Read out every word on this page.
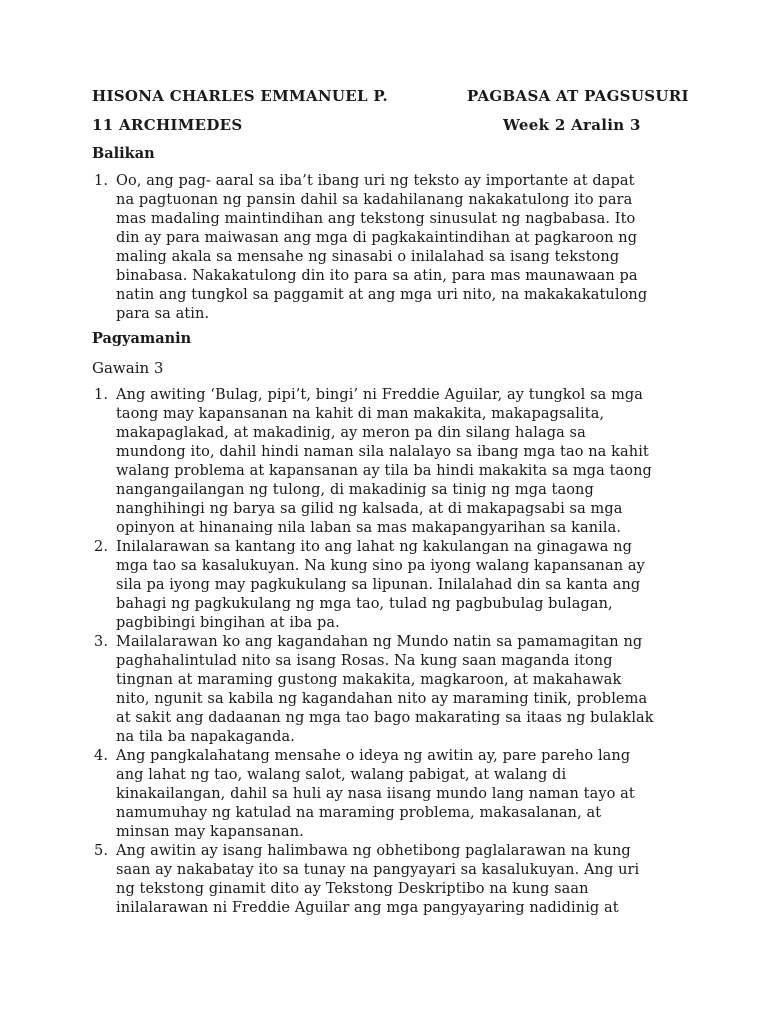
HISONA CHARLES EMMANUEL P.	PAGBASA AT PAGSUSURI
11 ARCHIMEDES	Week 2 Aralin 3
Balikan
1. Oo, ang pag- aaral sa iba’t ibang uri ng teksto ay importante at dapat na pagtuonan ng pansin dahil sa kadahilanang nakakatulong ito para mas madaling maintindihan ang tekstong sinusulat ng nagbabasa. Ito din ay para maiwasan ang mga di pagkakaintindihan at pagkaroon ng maling akala sa mensahe ng sinasabi o inilalahad sa isang tekstong binabasa. Nakakatulong din ito para sa atin, para mas maunawaan pa natin ang tungkol sa paggamit at ang mga uri nito, na makakakatulong para sa atin.
Pagyamanin
Gawain 3
1. Ang awiting ‘Bulag, pipi’t, bingi’ ni Freddie Aguilar, ay tungkol sa mga taong may kapansanan na kahit di man makakita, makapagsalita, makapaglakad, at makadinig, ay meron pa din silang halaga sa mundong ito, dahil hindi naman sila nalalayo sa ibang mga tao na kahit walang problema at kapansanan ay tila ba hindi makakita sa mga taong nangangailangan ng tulong, di makadinig sa tinig ng mga taong nanghihingi ng barya sa gilid ng kalsada, at di makapagsabi sa mga opinyon at hinanaing nila laban sa mas makapangyarihan sa kanila.
2. Inilalarawan sa kantang ito ang lahat ng kakulangan na ginagawa ng mga tao sa kasalukuyan. Na kung sino pa iyong walang kapansanan ay sila pa iyong may pagkukulang sa lipunan. Inilalahad din sa kanta ang bahagi ng pagkukulang ng mga tao, tulad ng pagbubulag bulagan, pagbibingi bingihan at iba pa.
3. Mailalarawan ko ang kagandahan ng Mundo natin sa pamamagitan ng paghahalintulad nito sa isang Rosas. Na kung saan maganda itong tingnan at maraming gustong makakita, magkaroon, at makahawak nito, ngunit sa kabila ng kagandahan nito ay maraming tinik, problema at sakit ang dadaanan ng mga tao bago makarating sa itaas ng bulaklak na tila ba napakaganda.
4. Ang pangkalahatang mensahe o ideya ng awitin ay, pare pareho lang ang lahat ng tao, walang salot, walang pabigat, at walang di kinakailangan, dahil sa huli ay nasa iisang mundo lang naman tayo at namumuhay ng katulad na maraming problema, makasalanan, at minsan may kapansanan.
5. Ang awitin ay isang halimbawa ng obhetibong paglalarawan na kung saan ay nakabatay ito sa tunay na pangyayari sa kasalukuyan. Ang uri ng tekstong ginamit dito ay Tekstong Deskriptibo na kung saan inilalarawan ni Freddie Aguilar ang mga pangyayaring nadidinig at
